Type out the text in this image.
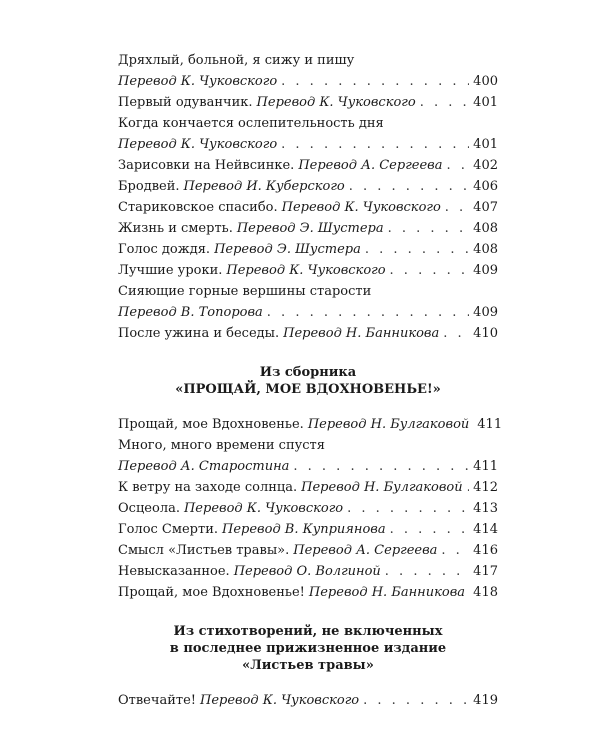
Дряхлый, больной, я сижу и пишу
Перевод К. Чуковского . . .	400
Первый одуванчик. Перевод К. Чуковского . . .	401
Когда кончается ослепительность дня
Перевод К. Чуковского . . .	401
Зарисовки на Нейвсинке. Перевод А. Сергеева . . . 402
Бродвей. Перевод И. Куберского . . .	406
Стариковское спасибо. Перевод К. Чуковского . . . 407
Жизнь и смерть. Перевод Э. Шустера . . .	408
Голос дождя. Перевод Э. Шустера . . .	408
Лучшие уроки. Перевод К. Чуковского . . .	409
Сияющие горные вершины старости
Перевод В. Топорова . . .	409
После ужина и беседы. Перевод Н. Банникова . . .	410
Из сборника
«ПРОЩАЙ, МОЕ ВДОХНОВЕНЬЕ!»
Прощай, мое Вдохновенье. Перевод Н. Булгаковой 411
Много, много времени спустя
Перевод А. Старостина . . .	411
К ветру на заходе солнца. Перевод Н. Булгаковой . . . 412
Осцеола. Перевод К. Чуковского . . .	413
Голос Смерти. Перевод В. Куприянова . . .	414
Смысл «Листьев травы». Перевод А. Сергеева . . .	416
Невысказанное. Перевод О. Волгиной . . .	417
Прощай, мое Вдохновенье! Перевод Н. Банникова . . . 418
Из стихотворений, не включенных
в последнее прижизненное издание
«Листьев травы»
Отвечайте! Перевод К. Чуковского . . .	419
